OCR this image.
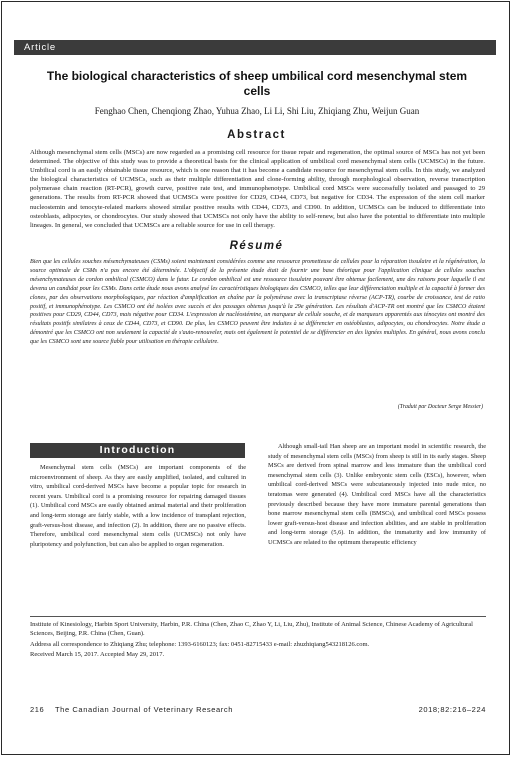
Article
The biological characteristics of sheep umbilical cord mesenchymal stem cells
Fenghao Chen, Chenqiong Zhao, Yuhua Zhao, Li Li, Shi Liu, Zhiqiang Zhu, Weijun Guan
Abstract

Although mesenchymal stem cells (MSCs) are now regarded as a promising cell resource for tissue repair and regeneration, the optimal source of MSCs has not yet been determined. The objective of this study was to provide a theoretical basis for the clinical application of umbilical cord mesenchymal stem cells (UCMSCs) in the future. Umbilical cord is an easily obtainable tissue resource, which is one reason that it has become a candidate resource for mesenchymal stem cells. In this study, we analyzed the biological characteristics of UCMSCs, such as their multiple differentiation and clone-forming ability, through morphological observation, reverse transcription polymerase chain reaction (RT-PCR), growth curve, positive rate test, and immunophenotype. Umbilical cord MSCs were successfully isolated and passaged to 29 generations. The results from RT-PCR showed that UCMSCs were positive for CD29, CD44, CD73, but negative for CD34. The expression of the stem cell marker nucleostemin and tenocyte-related markers showed similar positive results with CD44, CD73, and CD90. In addition, UCMSCs can be induced to differentiate into osteoblasts, adipocytes, or chondrocytes. Our study showed that UCMSCs not only have the ability to self-renew, but also have the potential to differentiate into multiple lineages. In general, we concluded that UCMSCs are a reliable source for use in cell therapy.

Résumé

Bien que les cellules souches mésenchymateuses (CSMs) soient maintenant considérées comme une ressource prometteuse de cellules pour la réparation tissulaire et la régénération, la source optimale de CSMs n'a pas encore été déterminée. L'objectif de la présente étude était de fournir une base théorique pour l'application clinique de cellules souches mésenchymateuses de cordon ombilical (CSMCO) dans le futur. Le cordon ombilical est une ressource tissulaire pouvant être obtenue facilement, une des raisons pour laquelle il est devenu un candidat pour les CSMs. Dans cette étude nous avons analysé les caractéristiques biologiques des CSMCO, telles que leur différenciation multiple et la capacité à former des clones, par des observations morphologiques, par réaction d'amplification en chaîne par la polymérase avec la transcriptase réverse (ACP-TR), courbe de croissance, test de ratio positif, et immunophénotype. Les CSMCO ont été isolées avec succès et des passages obtenus jusqu'à la 29e génération. Les résultats d'ACP-TR ont montré que les CSMCO étaient positives pour CD29, CD44, CD73, mais négative pour CD34. L'expression de nucléostémine, un marqueur de cellule souche, et de marqueurs apparentés aux ténocytes ont montré des résultats positifs similaires à ceux de CD44, CD73, et CD90. De plus, les CSMCO peuvent être induites à se différencier en ostéoblastes, adipocytes, ou chondrocytes. Notre étude a démontré que les CSMCO ont non seulement la capacité de s'auto-renouveler, mais ont également le potentiel de se différencier en des lignées multiples. En général, nous avons conclu que les CSMCO sont une source fiable pour utilisation en thérapie cellulaire.

(Traduit par Docteur Serge Messier)
Introduction

Mesenchymal stem cells (MSCs) are important components of the microenvironment of sheep. As they are easily amplified, isolated, and cultured in vitro, umbilical cord-derived MSCs have become a popular topic for research in recent years. Umbilical cord is a promising resource for repairing damaged tissues (1). Umbilical cord MSCs are easily obtained animal material and their proliferation and long-term storage are fairly stable, with a low incidence of transplant rejection, graft-versus-host disease, and infection (2). In addition, there are no passive effects. Therefore, umbilical cord mesenchymal stem cells (UCMSCs) not only have pluripotency and polyfunction, but can also be applied to organ regeneration.

Although small-tail Han sheep are an important model in scientific research, the study of mesenchymal stem cells (MSCs) from sheep is still in its early stages. Sheep MSCs are derived from spinal marrow and less immature than the umbilical cord mesenchymal stem cells (3). Unlike embryonic stem cells (ESCs), however, when umbilical cord-derived MSCs were subcutaneously injected into nude mice, no teratomas were generated (4). Umbilical cord MSCs have all the characteristics previously described because they have more immature parental generations than bone marrow mesenchymal stem cells (BMSCs), and umbilical cord MSCs possess lower graft-versus-host disease and infection abilities, and are stable in proliferation and long-term storage (5,6). In addition, the immaturity and low immunity of UCMSCs are related to the optimum therapeutic efficiency

Institute of Kinesiology, Harbin Sport University, Harbin, P.R. China (Chen, Zhao C, Zhao Y, Li, Liu, Zhu), Institute of Animal Science, Chinese Academy of Agricultural Sciences, Beijing, P.R. China (Chen, Guan).
Address all correspondence to Zhiqiang Zhu; telephone: 1393-6160123; fax: 0451-82715433 e-mail: zhuzhiqiang543218126.com.
Received March 15, 2017. Accepted May 29, 2017.
216 The Canadian Journal of Veterinary Research	2018;82:216–224
